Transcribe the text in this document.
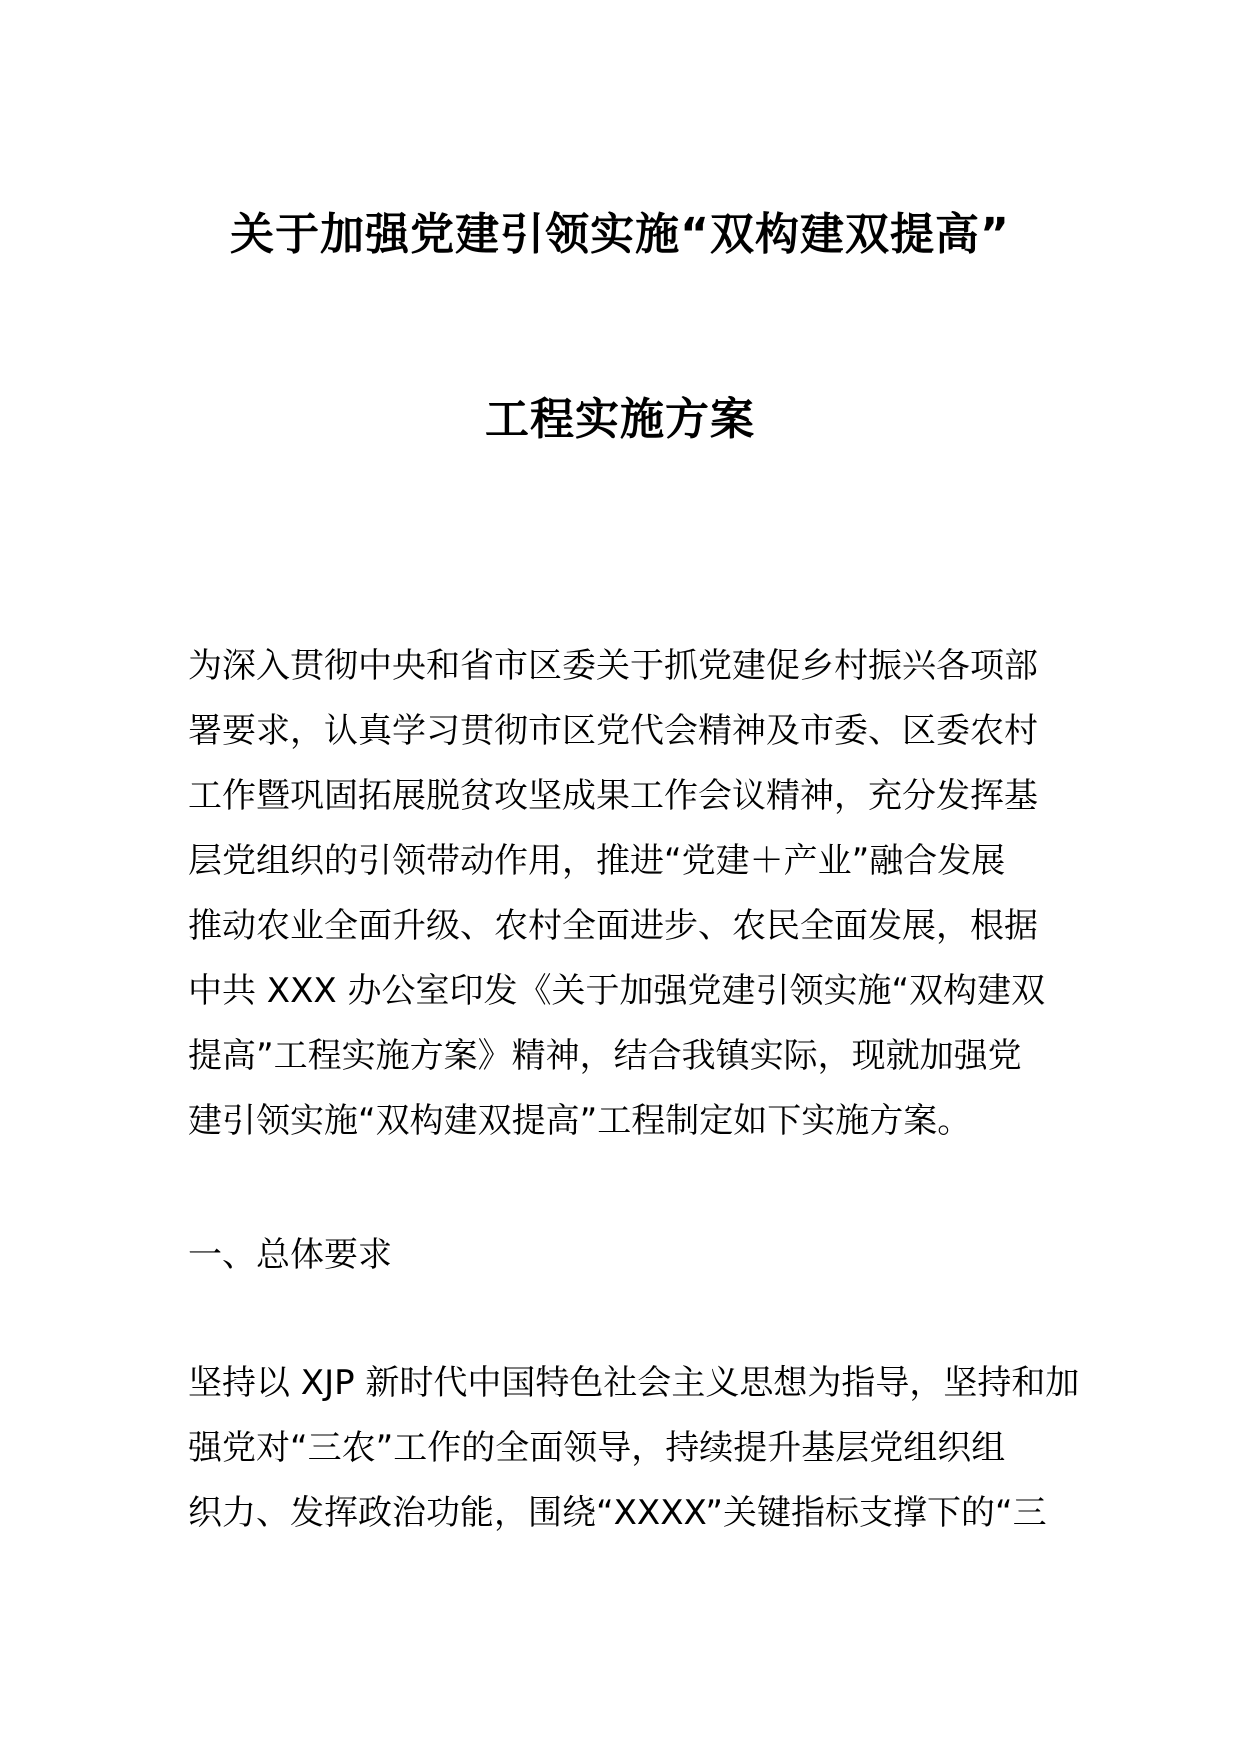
关于加强党建引领实施“双构建双提高”
工程实施方案
为深入贯彻中央和省市区委关于抓党建促乡村振兴各项部
署要求，认真学习贯彻市区党代会精神及市委、区委农村
工作暨巩固拓展脱贫攻坚成果工作会议精神，充分发挥基
层党组织的引领带动作用，推进“党建＋产业”融合发展
推动农业全面升级、农村全面进步、农民全面发展，根据
中共 XXX 办公室印发《关于加强党建引领实施“双构建双
提高”工程实施方案》精神，结合我镇实际，现就加强党
建引领实施“双构建双提高”工程制定如下实施方案。
一、总体要求
坚持以 XJP 新时代中国特色社会主义思想为指导，坚持和加
强党对“三农”工作的全面领导，持续提升基层党组织组
织力、发挥政治功能，围绕“XXXX”关键指标支撑下的“三
